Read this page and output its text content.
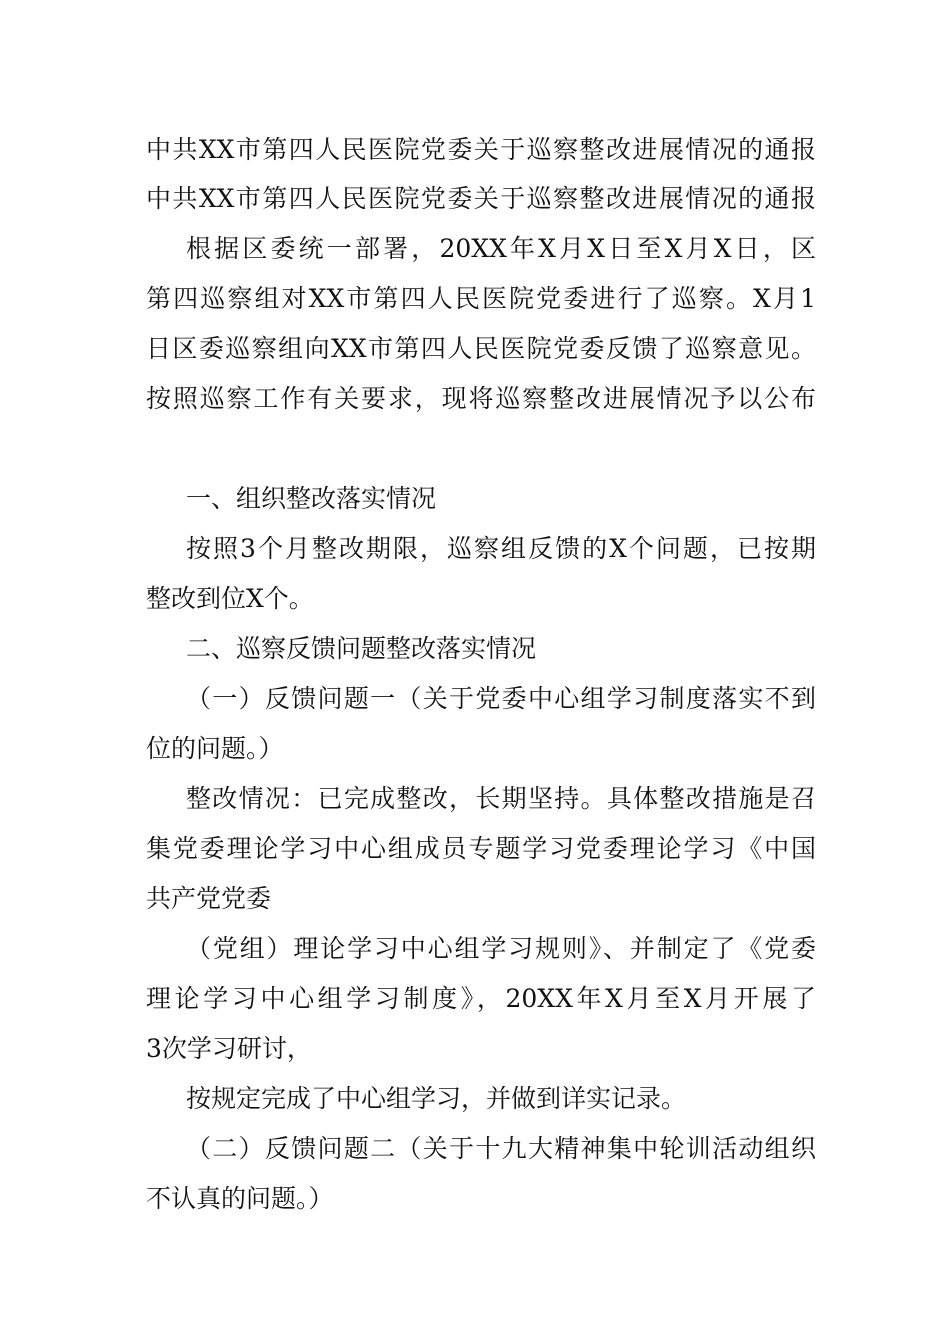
中共XX市第四人民医院党委关于巡察整改进展情况的通报
中共XX市第四人民医院党委关于巡察整改进展情况的通报
根据区委统一部署，20XX年X月X日至X月X日，区
第四巡察组对XX市第四人民医院党委进行了巡察。X月1
日区委巡察组向XX市第四人民医院党委反馈了巡察意见。
按照巡察工作有关要求，现将巡察整改进展情况予以公布
一、组织整改落实情况
按照3个月整改期限，巡察组反馈的X个问题，已按期
整改到位X个。
二、巡察反馈问题整改落实情况
（一）反馈问题一（关于党委中心组学习制度落实不到
位的问题。）
整改情况：已完成整改，长期坚持。具体整改措施是召
集党委理论学习中心组成员专题学习党委理论学习《中国
共产党党委
（党组）理论学习中心组学习规则》、并制定了《党委
理论学习中心组学习制度》，20XX年X月至X月开展了
3次学习研讨，
按规定完成了中心组学习，并做到详实记录。
（二）反馈问题二（关于十九大精神集中轮训活动组织
不认真的问题。）
